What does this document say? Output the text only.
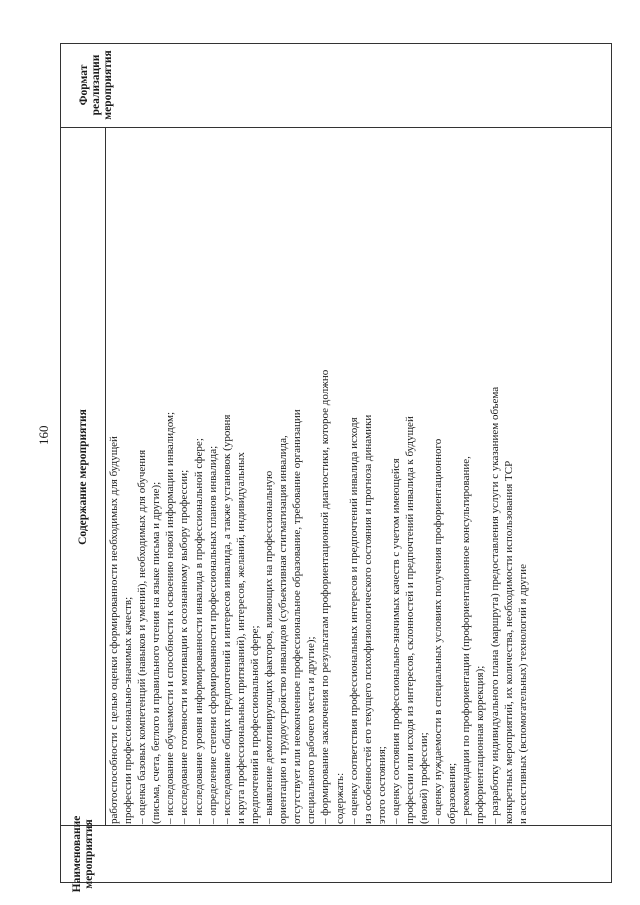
160
Наименование мероприятия
Содержание мероприятия
Формат реализации мероприятия

работоспособности с целью оценки сформированности необходимых для будущей профессии профессионально-значимых качеств; – оценка базовых компетенций (навыков и умений), необходимых для обучения (письма, счета, беглого и правильного чтения на языке письма и другие); – исследование обучаемости и способности к освоению новой информации инвалидом; – исследование готовности и мотивации к осознанному выбору профессии; – исследование уровня информированности инвалида в профессиональной сфере; – определение степени сформированности профессиональных планов инвалида; – исследование общих предпочтений и интересов инвалида, а также установок (уровня и круга профессиональных притязаний), интересов, желаний, индивидуальных предпочтений в профессиональной сфере; – выявление демотивирующих факторов, влияющих на профессиональную ориентацию и трудоустройство инвалидов (субъективная стигматизация инвалида, отсутствует или неоконченное профессиональное образование, требование организации специального рабочего места и другие); – формирование заключения по результатам профориентационной диагностики, которое должно содержать: – оценку соответствия профессиональных интересов и предпочтений инвалида исходя из особенностей его текущего психофизиологического состояния и прогноза динамики этого состояния; – оценку состояния профессионально-значимых качеств с учетом имеющейся профессии или исходя из интересов, склонностей и предпочтений инвалида к будущей (новой) профессии; – оценку нуждаемости в специальных условиях получения профориентационного образования; – рекомендации по профориентации (профориентационное консультирование, профориентационная коррекция); – разработку индивидуального плана (маршрута) предоставления услуги с указанием объема конкретных мероприятий, их количества, необходимости использования ТСР и ассистивных (вспомогательных) технологий и другие
